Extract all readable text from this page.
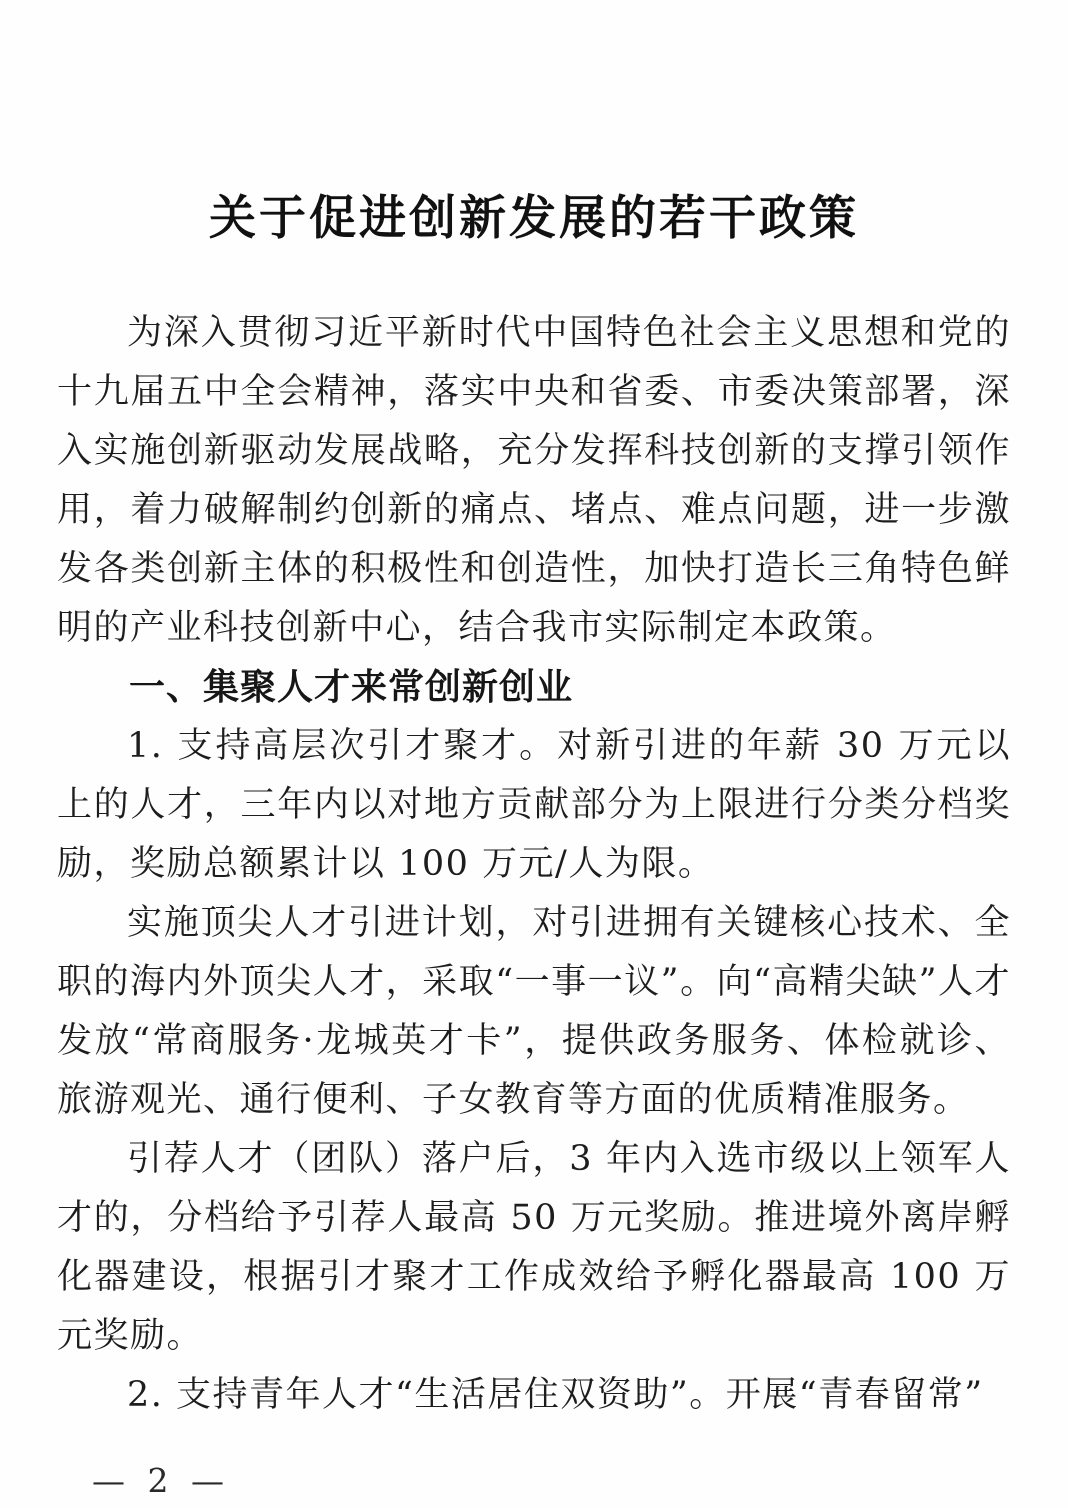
关于促进创新发展的若干政策

为深入贯彻习近平新时代中国特色社会主义思想和党的十九届五中全会精神，落实中央和省委、市委决策部署，深入实施创新驱动发展战略，充分发挥科技创新的支撑引领作用，着力破解制约创新的痛点、堵点、难点问题，进一步激发各类创新主体的积极性和创造性，加快打造长三角特色鲜明的产业科技创新中心，结合我市实际制定本政策。

一、集聚人才来常创新创业

1. 支持高层次引才聚才。对新引进的年薪 30 万元以上的人才，三年内以对地方贡献部分为上限进行分类分档奖励，奖励总额累计以 100 万元/人为限。

实施顶尖人才引进计划，对引进拥有关键核心技术、全职的海内外顶尖人才，采取“一事一议”。向“高精尖缺”人才发放“常商服务·龙城英才卡”，提供政务服务、体检就诊、旅游观光、通行便利、子女教育等方面的优质精准服务。

引荐人才（团队）落户后，3 年内入选市级以上领军人才的，分档给予引荐人最高 50 万元奖励。推进境外离岸孵化器建设，根据引才聚才工作成效给予孵化器最高 100 万元奖励。

2. 支持青年人才“生活居住双资助”。开展“青春留常”

— 2 —
